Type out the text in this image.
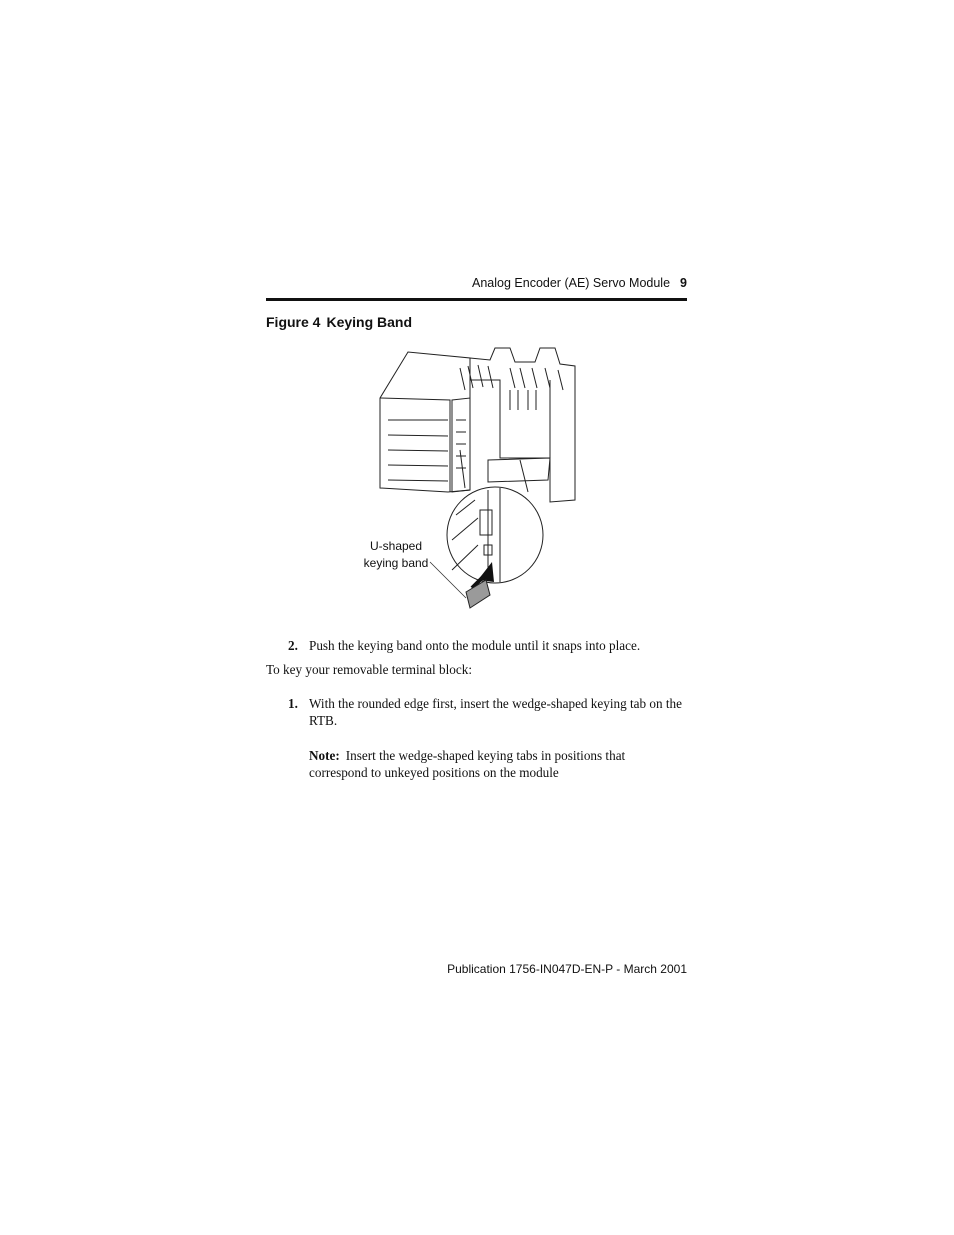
Analog Encoder (AE) Servo Module 9
Figure 4 Keying Band
U-shaped
keying band
2. Push the keying band onto the module until it snaps into place.
To key your removable terminal block:
1. With the rounded edge first, insert the wedge-shaped keying tab on the RTB.
Note: Insert the wedge-shaped keying tabs in positions that correspond to unkeyed positions on the module
Publication 1756-IN047D-EN-P - March 2001
